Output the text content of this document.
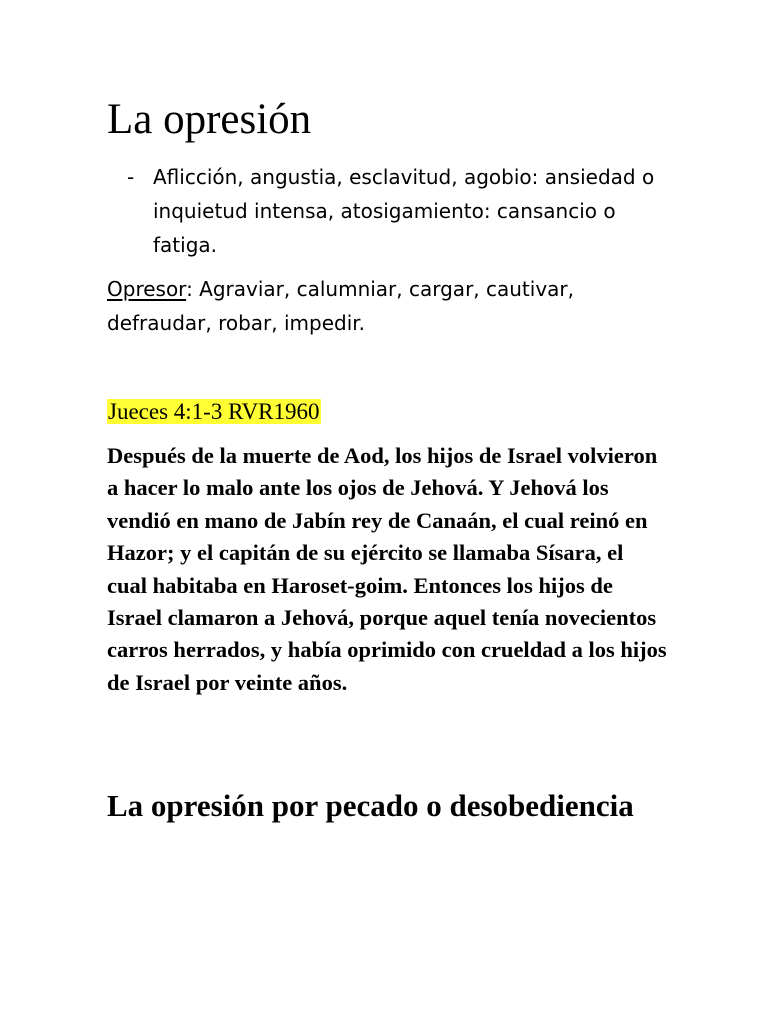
La opresión
- Aflicción, angustia, esclavitud, agobio: ansiedad o inquietud intensa, atosigamiento: cansancio o fatiga.

Opresor: Agraviar, calumniar, cargar, cautivar, defraudar, robar, impedir.

Jueces 4:1-3 RVR1960

Después de la muerte de Aod, los hijos de Israel volvieron a hacer lo malo ante los ojos de Jehová. Y Jehová los vendió en mano de Jabín rey de Canaán, el cual reinó en Hazor; y el capitán de su ejército se llamaba Sísara, el cual habitaba en Haroset-goim. Entonces los hijos de Israel clamaron a Jehová, porque aquel tenía novecientos carros herrados, y había oprimido con crueldad a los hijos de Israel por veinte años.

La opresión por pecado o desobediencia
